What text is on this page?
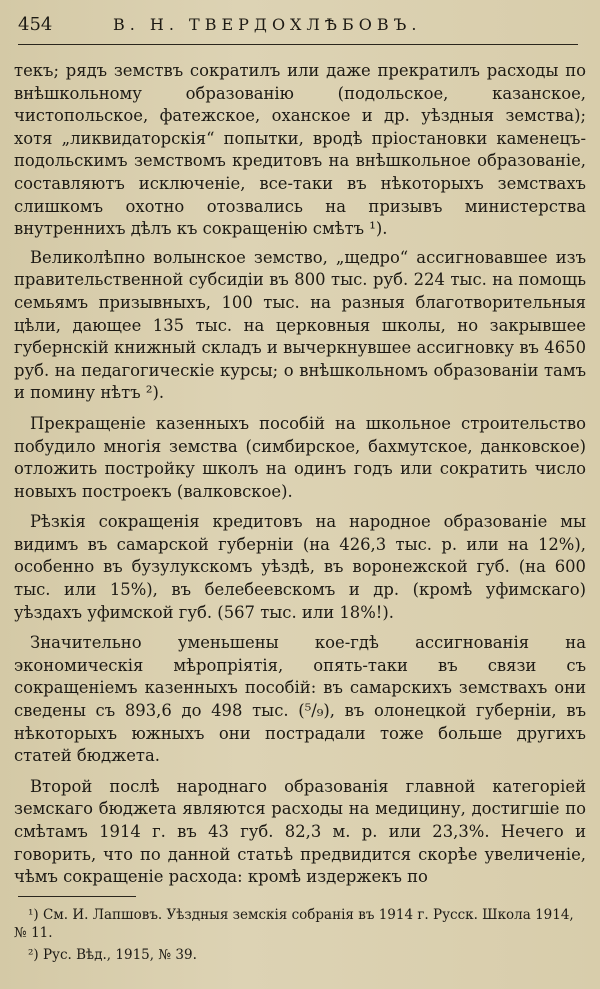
454	В. Н. ТВЕРДОХЛѢБОВЪ.

текъ; рядъ земствъ сократилъ или даже прекратилъ расходы по внѣшкольному образованію (подольское, казанское, чистопольское, фатежское, оханское и др. уѣздныя земства); хотя „ликвидаторскія“ попытки, вродѣ пріостановки каменецъ-подольскимъ земствомъ кредитовъ на внѣшкольное образованіе, составляютъ исключеніе, все-таки въ нѣкоторыхъ земствахъ слишкомъ охотно отозвались на призывъ министерства внутреннихъ дѣлъ къ сокращенію смѣтъ ¹).

Великолѣпно волынское земство, „щедро“ ассигновавшее изъ правительственной субсидіи въ 800 тыс. руб. 224 тыс. на помощь семьямъ призывныхъ, 100 тыс. на разныя благотворительныя цѣли, дающее 135 тыс. на церковныя школы, но закрывшее губернскій книжный складъ и вычеркнувшее ассигновку въ 4650 руб. на педагогическіе курсы; о внѣшкольномъ образованіи тамъ и помину нѣтъ ²).

Прекращеніе казенныхъ пособій на школьное строительство побудило многія земства (симбирское, бахмутское, данковское) отложить постройку школъ на одинъ годъ или сократить число новыхъ построекъ (валковское).

Рѣзкія сокращенія кредитовъ на народное образованіе мы видимъ въ самарской губерніи (на 426,3 тыс. р. или на 12%), особенно въ бузулукскомъ уѣздѣ, въ воронежской губ. (на 600 тыс. или 15%), въ белебеевскомъ и др. (кромѣ уфимскаго) уѣздахъ уфимской губ. (567 тыс. или 18%!).

Значительно уменьшены кое-гдѣ ассигнованія на экономическія мѣропріятія, опять-таки въ связи съ сокращеніемъ казенныхъ пособій: въ самарскихъ земствахъ они сведены съ 893,6 до 498 тыс. (⁵/₉), въ олонецкой губерніи, въ нѣкоторыхъ южныхъ они пострадали тоже больше другихъ статей бюджета.

Второй послѣ народнаго образованія главной категоріей земскаго бюджета являются расходы на медицину, достигшіе по смѣтамъ 1914 г. въ 43 губ. 82,3 м. р. или 23,3%. Нечего и говорить, что по данной статьѣ предвидится скорѣе увеличеніе, чѣмъ сокращеніе расхода: кромѣ издержекъ по

¹) См. И. Лапшовъ. Уѣздныя земскія собранія въ 1914 г. Русск. Школа 1914, № 11.

²) Рус. Вѣд., 1915, № 39.
